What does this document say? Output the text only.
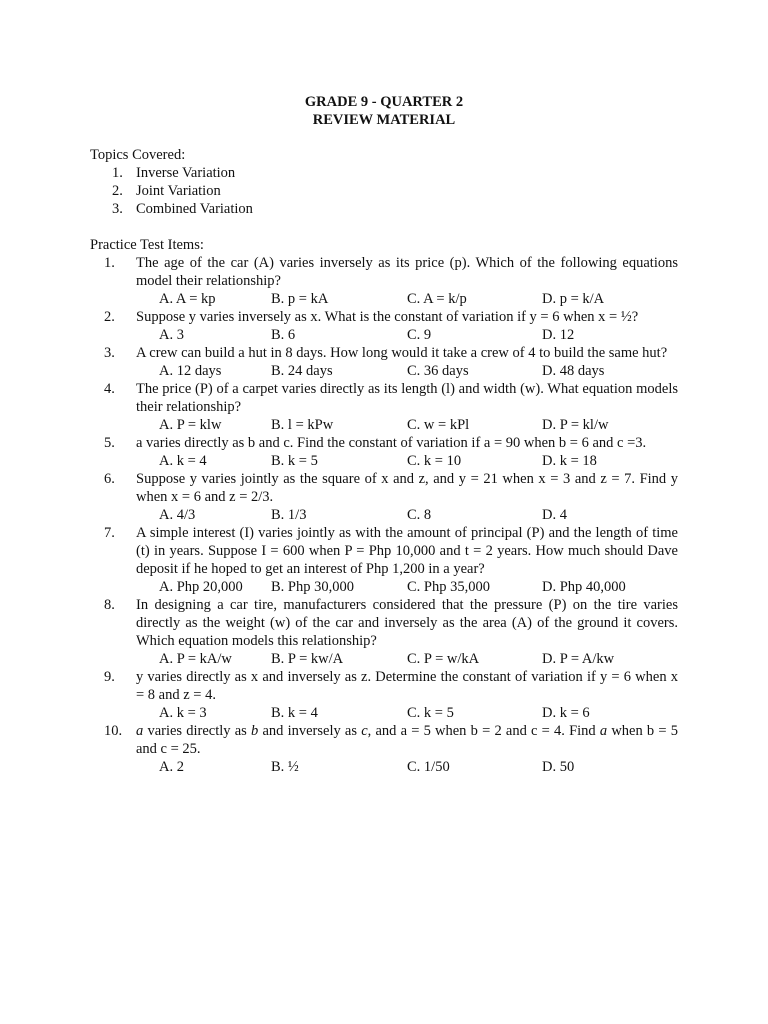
GRADE 9 - QUARTER 2
REVIEW MATERIAL
Topics Covered:
1. Inverse Variation
2. Joint Variation
3. Combined Variation
Practice Test Items:
1.	The age of the car (A) varies inversely as its price (p). Which of the following equations model their relationship?
A. A = kp	B. p = kA	C. A = k/p	D. p = k/A
2.	Suppose y varies inversely as x. What is the constant of variation if y = 6 when x = ½?
A. 3	B. 6	C. 9	D. 12
3.	A crew can build a hut in 8 days. How long would it take a crew of 4 to build the same hut?
A. 12 days	B. 24 days	C. 36 days	D. 48 days
4.	The price (P) of a carpet varies directly as its length (l) and width (w). What equation models their relationship?
A. P = klw	B. l = kPw	C. w = kPl	D. P = kl/w
5.	a varies directly as b and c. Find the constant of variation if a = 90 when b = 6 and c =3.
A. k = 4	B. k = 5	C. k = 10	D. k = 18
6.	Suppose y varies jointly as the square of x and z, and y = 21 when x = 3 and z = 7. Find y when x = 6 and z = 2/3.
A. 4/3	B. 1/3	C. 8	D. 4
7.	A simple interest (I) varies jointly as with the amount of principal (P) and the length of time (t) in years. Suppose I = 600 when P = Php 10,000 and t = 2 years. How much should Dave deposit if he hoped to get an interest of Php 1,200 in a year?
A. Php 20,000 B. Php 30,000	C. Php 35,000	D. Php 40,000
8.	In designing a car tire, manufacturers considered that the pressure (P) on the tire varies directly as the weight (w) of the car and inversely as the area (A) of the ground it covers. Which equation models this relationship?
A. P = kA/w	B. P = kw/A	C. P = w/kA	D. P = A/kw
9.	y varies directly as x and inversely as z. Determine the constant of variation if y = 6 when x = 8 and z = 4.
A. k = 3	B. k = 4	C. k = 5	D. k = 6
10. a varies directly as b and inversely as c, and a = 5 when b = 2 and c = 4. Find a when b = 5 and c = 25.
A. 2	B. ½	C. 1/50	D. 50
